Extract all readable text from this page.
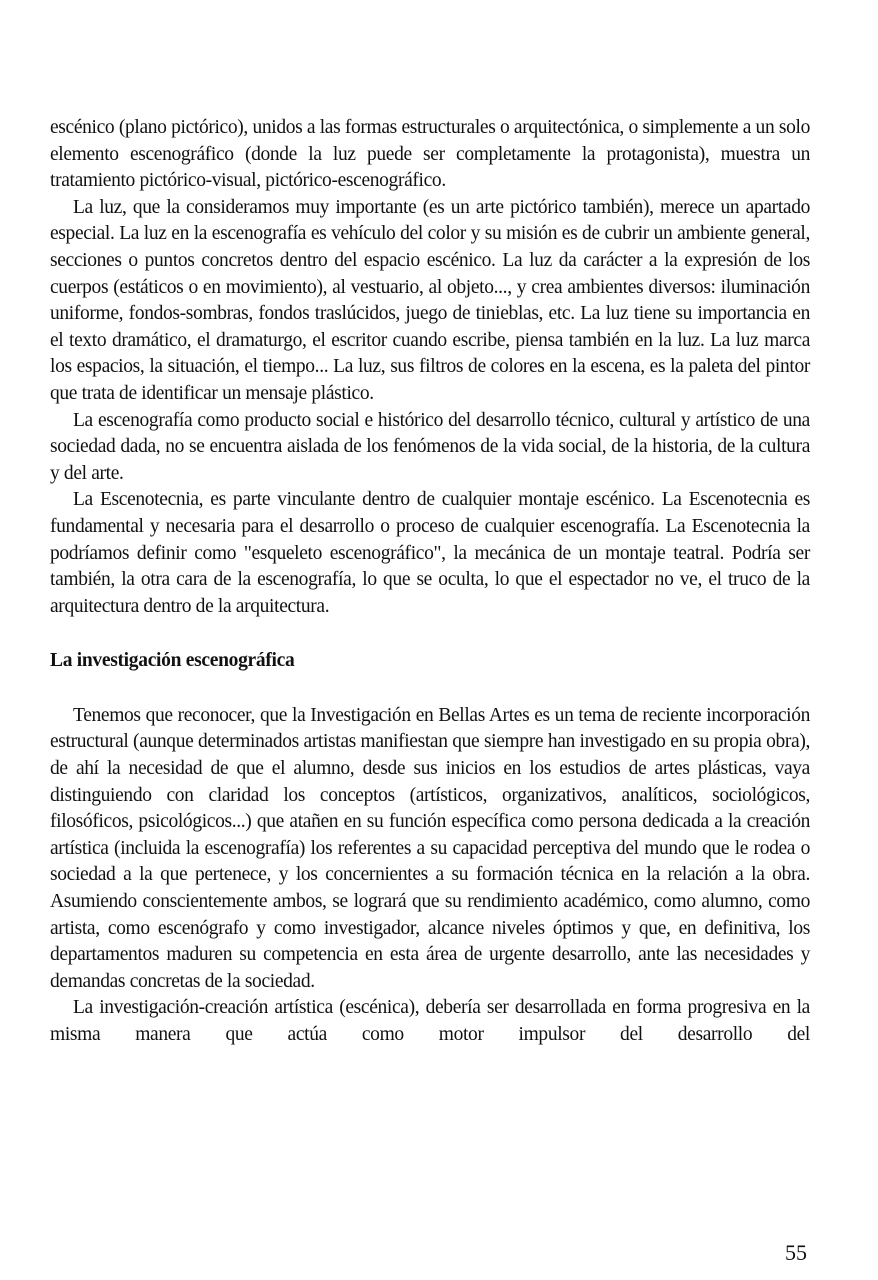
escénico (plano pictórico), unidos a las formas estructurales o arquitectónica, o simplemente a un solo elemento escenográfico (donde la luz puede ser completamente la protagonista), muestra un tratamiento pictórico-visual, pictórico-escenográfico.

La luz, que la consideramos muy importante (es un arte pictórico también), merece un apartado especial. La luz en la escenografía es vehículo del color y su misión es de cubrir un ambiente general, secciones o puntos concretos dentro del espacio escénico. La luz da carácter a la expresión de los cuerpos (estáticos o en movimiento), al vestuario, al objeto..., y crea ambientes diversos: iluminación uniforme, fondos-sombras, fondos traslúcidos, juego de tinieblas, etc. La luz tiene su importancia en el texto dramático, el dramaturgo, el escritor cuando escribe, piensa también en la luz. La luz marca los espacios, la situación, el tiempo... La luz, sus filtros de colores en la escena, es la paleta del pintor que trata de identificar un mensaje plástico.

La escenografía como producto social e histórico del desarrollo técnico, cultural y artístico de una sociedad dada, no se encuentra aislada de los fenómenos de la vida social, de la historia, de la cultura y del arte.

La Escenotecnia, es parte vinculante dentro de cualquier montaje escénico. La Escenotecnia es fundamental y necesaria para el desarrollo o proceso de cualquier escenografía. La Escenotecnia la podríamos definir como "esqueleto escenográfico", la mecánica de un montaje teatral. Podría ser también, la otra cara de la escenografía, lo que se oculta, lo que el espectador no ve, el truco de la arquitectura dentro de la arquitectura.

La investigación escenográfica

Tenemos que reconocer, que la Investigación en Bellas Artes es un tema de reciente incorporación estructural (aunque determinados artistas manifiestan que siempre han investigado en su propia obra), de ahí la necesidad de que el alumno, desde sus inicios en los estudios de artes plásticas, vaya distinguiendo con claridad los conceptos (artísticos, organizativos, analíticos, sociológicos, filosóficos, psicológicos...) que atañen en su función específica como persona dedicada a la creación artística (incluida la escenografía) los referentes a su capacidad perceptiva del mundo que le rodea o sociedad a la que pertenece, y los concernientes a su formación técnica en la relación a la obra. Asumiendo conscientemente ambos, se logrará que su rendimiento académico, como alumno, como artista, como escenógrafo y como investigador, alcance niveles óptimos y que, en definitiva, los departamentos maduren su competencia en esta área de urgente desarrollo, ante las necesidades y demandas concretas de la sociedad.

La investigación-creación artística (escénica), debería ser desarrollada en forma progresiva en la misma manera que actúa como motor impulsor del desarrollo del

55
